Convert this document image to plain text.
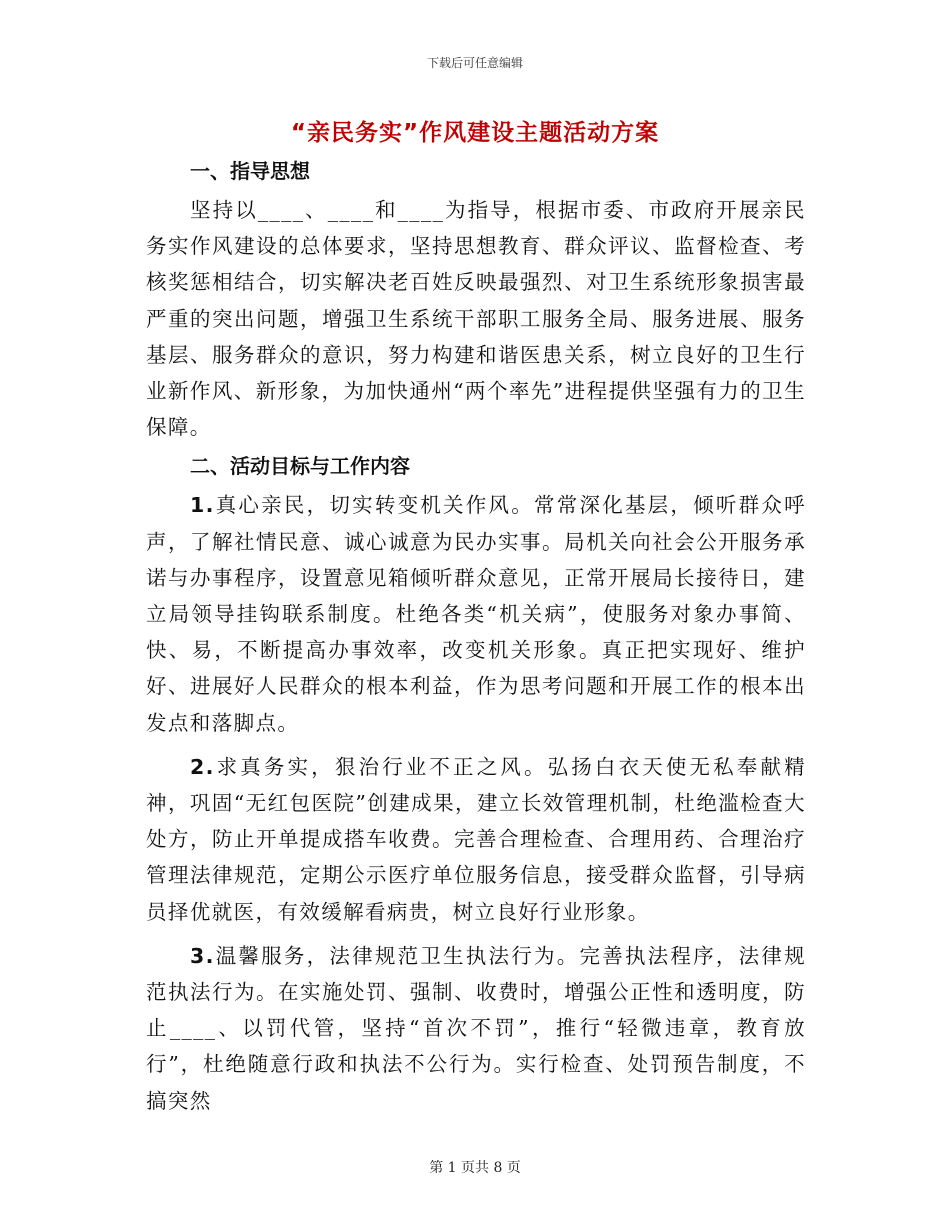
下载后可任意编辑
“亲民务实”作风建设主题活动方案
一、指导思想

坚持以____、____和____为指导，根据市委、市政府开展亲民务实作风建设的总体要求，坚持思想教育、群众评议、监督检查、考核奖惩相结合，切实解决老百姓反映最强烈、对卫生系统形象损害最严重的突出问题，增强卫生系统干部职工服务全局、服务进展、服务基层、服务群众的意识，努力构建和谐医患关系，树立良好的卫生行业新作风、新形象，为加快通州“两个率先”进程提供坚强有力的卫生保障。

二、活动目标与工作内容

1.真心亲民，切实转变机关作风。常常深化基层，倾听群众呼声，了解社情民意、诚心诚意为民办实事。局机关向社会公开服务承诺与办事程序，设置意见箱倾听群众意见，正常开展局长接待日，建立局领导挂钩联系制度。杜绝各类“机关病”，使服务对象办事简、快、易，不断提高办事效率，改变机关形象。真正把实现好、维护好、进展好人民群众的根本利益，作为思考问题和开展工作的根本出发点和落脚点。

2.求真务实，狠治行业不正之风。弘扬白衣天使无私奉献精神，巩固“无红包医院”创建成果，建立长效管理机制，杜绝滥检查大处方，防止开单提成搭车收费。完善合理检查、合理用药、合理治疗管理法律规范，定期公示医疗单位服务信息，接受群众监督，引导病员择优就医，有效缓解看病贵，树立良好行业形象。

3.温馨服务，法律规范卫生执法行为。完善执法程序，法律规范执法行为。在实施处罚、强制、收费时，增强公正性和透明度，防止____、以罚代管，坚持“首次不罚”，推行“轻微违章，教育放行”，杜绝随意行政和执法不公行为。实行检查、处罚预告制度，不搞突然

第 1 页共 8 页
